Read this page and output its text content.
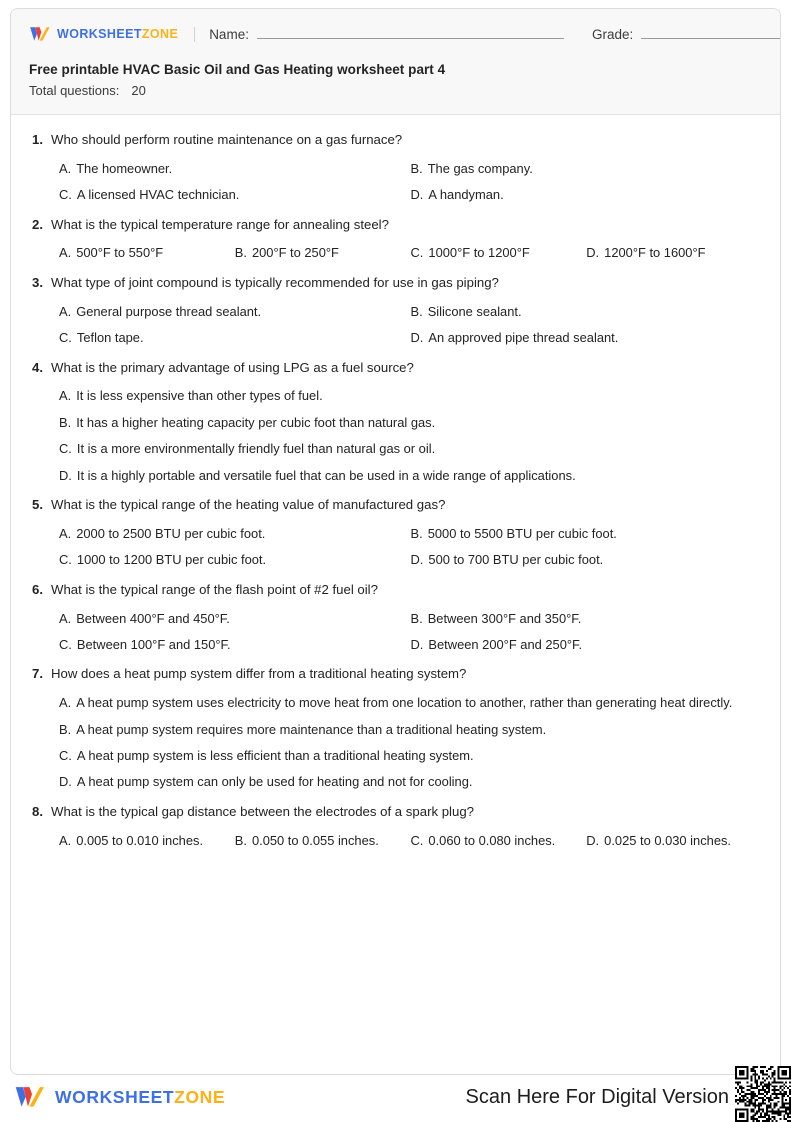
WORKSHEETZONE Name:	Grade:
Free printable HVAC Basic Oil and Gas Heating worksheet part 4
Total questions: 20
1. Who should perform routine maintenance on a gas furnace?
A. The homeowner.	B. The gas company.
C. A licensed HVAC technician.	D. A handyman.
2. What is the typical temperature range for annealing steel?
A. 500°F to 550°F	B. 200°F to 250°F	C. 1000°F to 1200°F	D. 1200°F to 1600°F
3. What type of joint compound is typically recommended for use in gas piping?
A. General purpose thread sealant.	B. Silicone sealant.
C. Teflon tape.	D. An approved pipe thread sealant.
4. What is the primary advantage of using LPG as a fuel source?
A. It is less expensive than other types of fuel.
B. It has a higher heating capacity per cubic foot than natural gas.
C. It is a more environmentally friendly fuel than natural gas or oil.
D. It is a highly portable and versatile fuel that can be used in a wide range of applications.
5. What is the typical range of the heating value of manufactured gas?
A. 2000 to 2500 BTU per cubic foot.	B. 5000 to 5500 BTU per cubic foot.
C. 1000 to 1200 BTU per cubic foot.	D. 500 to 700 BTU per cubic foot.
6. What is the typical range of the flash point of #2 fuel oil?
A. Between 400°F and 450°F.	B. Between 300°F and 350°F.
C. Between 100°F and 150°F.	D. Between 200°F and 250°F.
7. How does a heat pump system differ from a traditional heating system?
A. A heat pump system uses electricity to move heat from one location to another, rather than generating heat directly.
B. A heat pump system requires more maintenance than a traditional heating system.
C. A heat pump system is less efficient than a traditional heating system.
D. A heat pump system can only be used for heating and not for cooling.
8. What is the typical gap distance between the electrodes of a spark plug?
A. 0.005 to 0.010 inches.	B. 0.050 to 0.055 inches.	C. 0.060 to 0.080 inches.	D. 0.025 to 0.030 inches.
WORKSHEETZONE	Scan Here For Digital Version
